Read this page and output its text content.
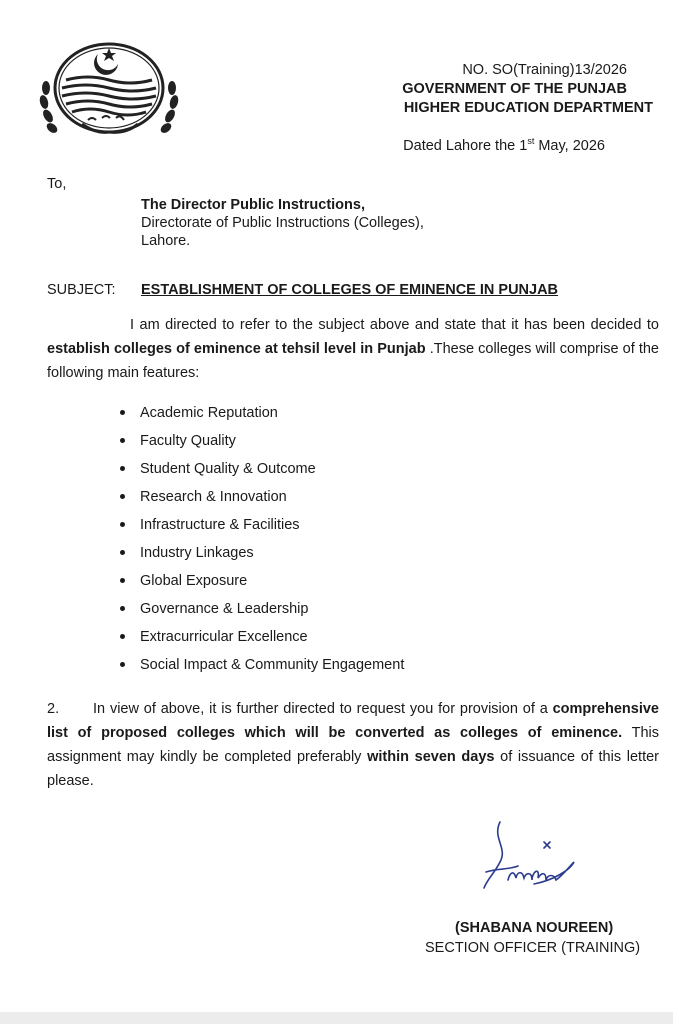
NO. SO(Training)13/2026
GOVERNMENT OF THE PUNJAB
HIGHER EDUCATION DEPARTMENT
Dated Lahore the 1st May, 2026
To,
The Director Public Instructions,
Directorate of Public Instructions (Colleges),
Lahore.
SUBJECT: ESTABLISHMENT OF COLLEGES OF EMINENCE IN PUNJAB
I am directed to refer to the subject above and state that it has been decided to establish colleges of eminence at tehsil level in Punjab .These colleges will comprise of the following main features:
Academic Reputation
Faculty Quality
Student Quality & Outcome
Research & Innovation
Infrastructure & Facilities
Industry Linkages
Global Exposure
Governance & Leadership
Extracurricular Excellence
Social Impact & Community Engagement
2. In view of above, it is further directed to request you for provision of a comprehensive list of proposed colleges which will be converted as colleges of eminence. This assignment may kindly be completed preferably within seven days of issuance of this letter please.
(SHABANA NOUREEN)
SECTION OFFICER (TRAINING)
